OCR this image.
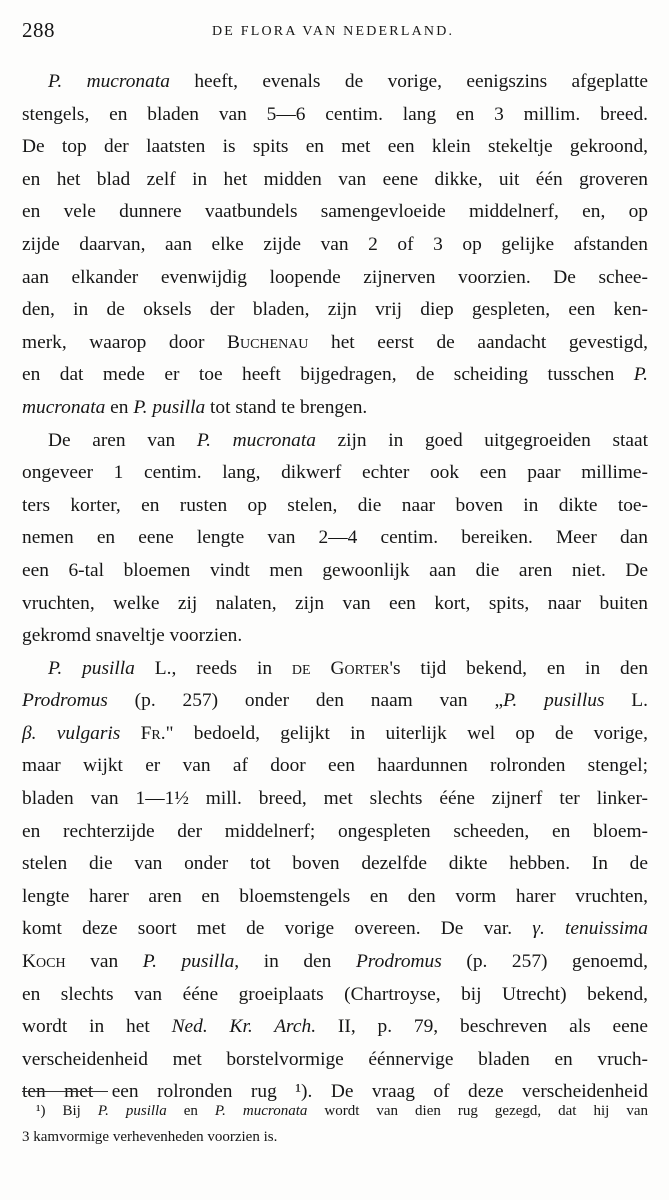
288	DE FLORA VAN NEDERLAND.
P. mucronata heeft, evenals de vorige, eenigszins afgeplatte
stengels, en bladen van 5—6 centim. lang en 3 millim. breed.
De top der laatsten is spits en met een klein stekeltje gekroond,
en het blad zelf in het midden van eene dikke, uit één groveren
en vele dunnere vaatbundels samengevloeide middelnerf, en, op
zijde daarvan, aan elke zijde van 2 of 3 op gelijke afstanden
aan elkander evenwijdig loopende zijnerven voorzien. De schee-
den, in de oksels der bladen, zijn vrij diep gespleten, een ken-
merk, waarop door Buchenau het eerst de aandacht gevestigd,
en dat mede er toe heeft bijgedragen, de scheiding tusschen P.
mucronata en P. pusilla tot stand te brengen.
De aren van P. mucronata zijn in goed uitgegroeiden staat
ongeveer 1 centim. lang, dikwerf echter ook een paar millime-
ters korter, en rusten op stelen, die naar boven in dikte toe-
nemen en eene lengte van 2—4 centim. bereiken. Meer dan
een 6-tal bloemen vindt men gewoonlijk aan die aren niet. De
vruchten, welke zij nalaten, zijn van een kort, spits, naar buiten
gekromd snaveltje voorzien.
P. pusilla L., reeds in de Gorter's tijd bekend, en in den
Prodromus (p. 257) onder den naam van „P. pusillus L.
β. vulgaris Fr." bedoeld, gelijkt in uiterlijk wel op de vorige,
maar wijkt er van af door een haardunnen rolronden stengel;
bladen van 1—1½ mill. breed, met slechts ééne zijnerf ter linker-
en rechterzijde der middelnerf; ongespleten scheeden, en bloem-
stelen die van onder tot boven dezelfde dikte hebben. In de
lengte harer aren en bloemstengels en den vorm harer vruchten,
komt deze soort met de vorige overeen. De var. γ. tenuissima
Koch van P. pusilla, in den Prodromus (p. 257) genoemd,
en slechts van ééne groeiplaats (Chartroyse, bij Utrecht) bekend,
wordt in het Ned. Kr. Arch. II, p. 79, beschreven als eene
verscheidenheid met borstelvormige éénnervige bladen en vruch-
ten met een rolronden rug ¹). De vraag of deze verscheidenheid
¹) Bij P. pusilla en P. mucronata wordt van dien rug gezegd, dat hij van
3 kamvormige verhevenheden voorzien is.
